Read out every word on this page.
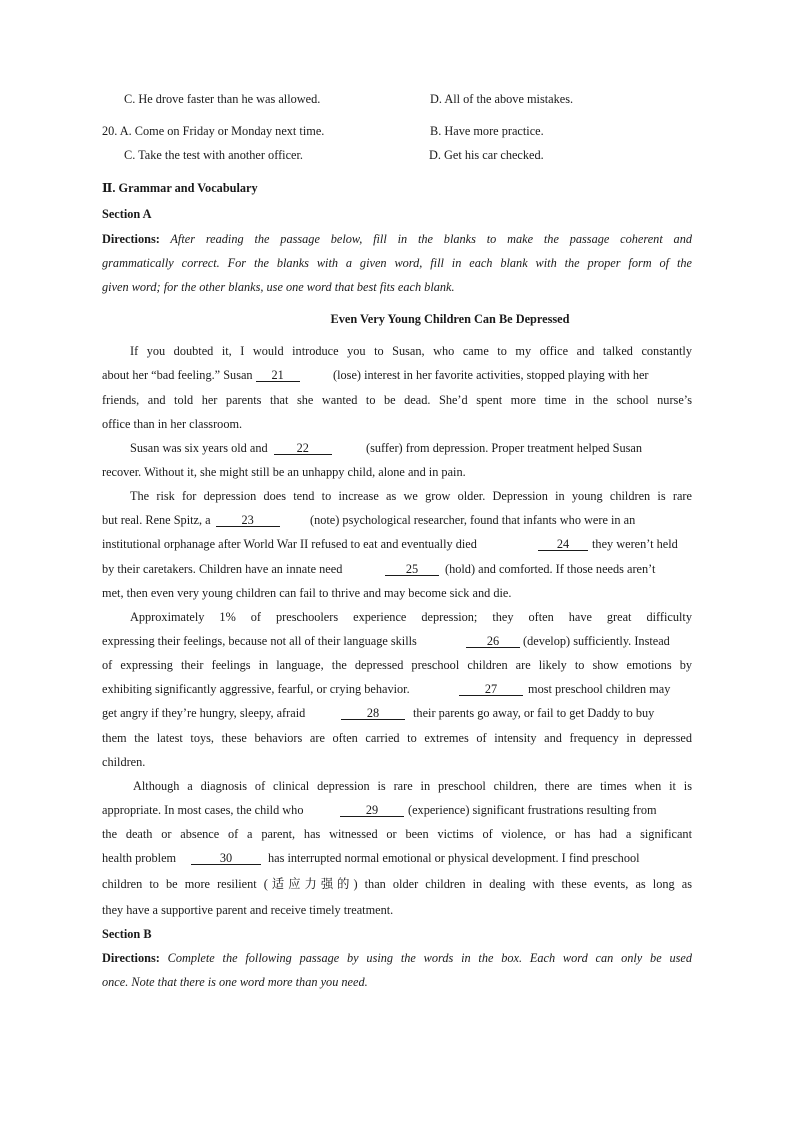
C. He drove faster than he was allowed.	D. All of the above mistakes.
20. A. Come on Friday or Monday next time.	B. Have more practice.
C. Take the test with another officer.	D. Get his car checked.
Ⅱ. Grammar and Vocabulary
Section A
Directions: After reading the passage below, fill in the blanks to make the passage coherent and
grammatically correct. For the blanks with a given word, fill in each blank with the proper form of the
given word; for the other blanks, use one word that best fits each blank.
Even Very Young Children Can Be Depressed
If you doubted it, I would introduce you to Susan, who came to my office and talked constantly
about her “bad feeling.” Susan 21	(lose) interest in her favorite activities, stopped playing with her
friends, and told her parents that she wanted to be dead. She’d spent more time in the school nurse’s
office than in her classroom.
Susan was six years old and 22	(suffer) from depression. Proper treatment helped Susan
recover. Without it, she might still be an unhappy child, alone and in pain.
The risk for depression does tend to increase as we grow older. Depression in young children is rare
but real. Rene Spitz, a	23	(note) psychological researcher, found that infants who were in an
institutional orphanage after World War II refused to eat and eventually died	24	they weren’t held
by their caretakers. Children have an innate need	25	(hold) and comforted. If those needs aren’t
met, then even very young children can fail to thrive and may become sick and die.
Approximately 1% of preschoolers experience depression; they often have great difficulty
expressing their feelings, because not all of their language skills	26	(develop) sufficiently. Instead
of expressing their feelings in language, the depressed preschool children are likely to show emotions by
exhibiting significantly aggressive, fearful, or crying behavior.	27	most preschool children may
get angry if they’re hungry, sleepy, afraid	28	their parents go away, or fail to get Daddy to buy
them the latest toys, these behaviors are often carried to extremes of intensity and frequency in depressed
children.
Although a diagnosis of clinical depression is rare in preschool children, there are times when it is
appropriate. In most cases, the child who	29	(experience) significant frustrations resulting from
the death or absence of a parent, has witnessed or been victims of violence, or has had a significant
health problem	30	has interrupted normal emotional or physical development. I find preschool
children to be more resilient (适应力强的) than older children in dealing with these events, as long as
they have a supportive parent and receive timely treatment.
Section B
Directions: Complete the following passage by using the words in the box. Each word can only be used
once. Note that there is one word more than you need.
